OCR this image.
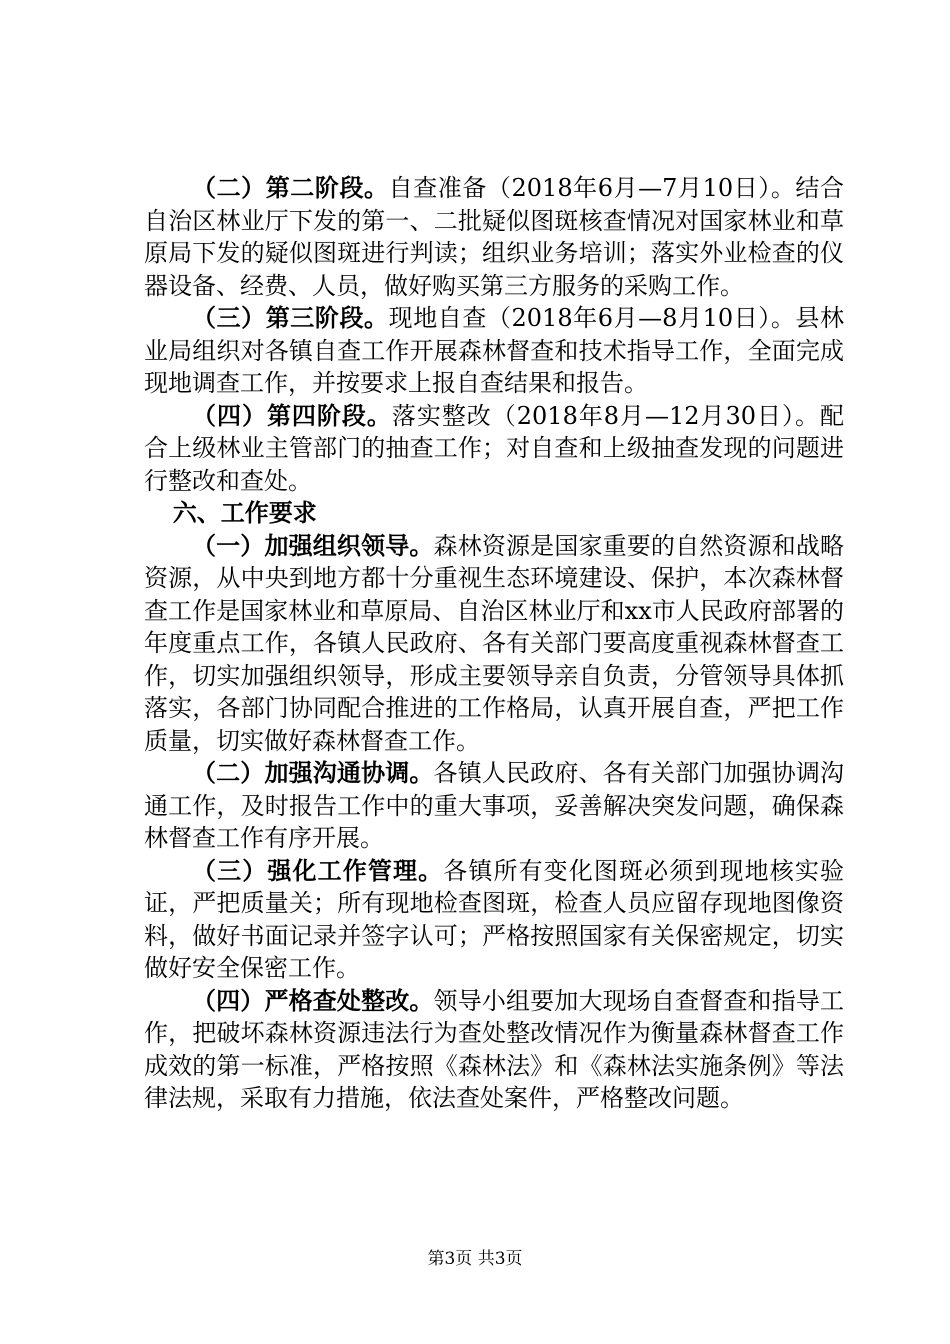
（二）第二阶段。自查准备（2018年6月—7月10日）。结合自治区林业厅下发的第一、二批疑似图斑核查情况对国家林业和草原局下发的疑似图斑进行判读；组织业务培训；落实外业检查的仪器设备、经费、人员，做好购买第三方服务的采购工作。

（三）第三阶段。现地自查（2018年6月—8月10日）。县林业局组织对各镇自查工作开展森林督查和技术指导工作，全面完成现地调查工作，并按要求上报自查结果和报告。

（四）第四阶段。落实整改（2018年8月—12月30日）。配合上级林业主管部门的抽查工作；对自查和上级抽查发现的问题进行整改和查处。

六、工作要求

（一）加强组织领导。森林资源是国家重要的自然资源和战略资源，从中央到地方都十分重视生态环境建设、保护，本次森林督查工作是国家林业和草原局、自治区林业厅和xx市人民政府部署的年度重点工作，各镇人民政府、各有关部门要高度重视森林督查工作，切实加强组织领导，形成主要领导亲自负责，分管领导具体抓落实，各部门协同配合推进的工作格局，认真开展自查，严把工作质量，切实做好森林督查工作。

（二）加强沟通协调。各镇人民政府、各有关部门加强协调沟通工作，及时报告工作中的重大事项，妥善解决突发问题，确保森林督查工作有序开展。

（三）强化工作管理。各镇所有变化图斑必须到现地核实验证，严把质量关；所有现地检查图斑，检查人员应留存现地图像资料，做好书面记录并签字认可；严格按照国家有关保密规定，切实做好安全保密工作。

（四）严格查处整改。领导小组要加大现场自查督查和指导工作，把破坏森林资源违法行为查处整改情况作为衡量森林督查工作成效的第一标准，严格按照《森林法》和《森林法实施条例》等法律法规，采取有力措施，依法查处案件，严格整改问题。

第3页 共3页
